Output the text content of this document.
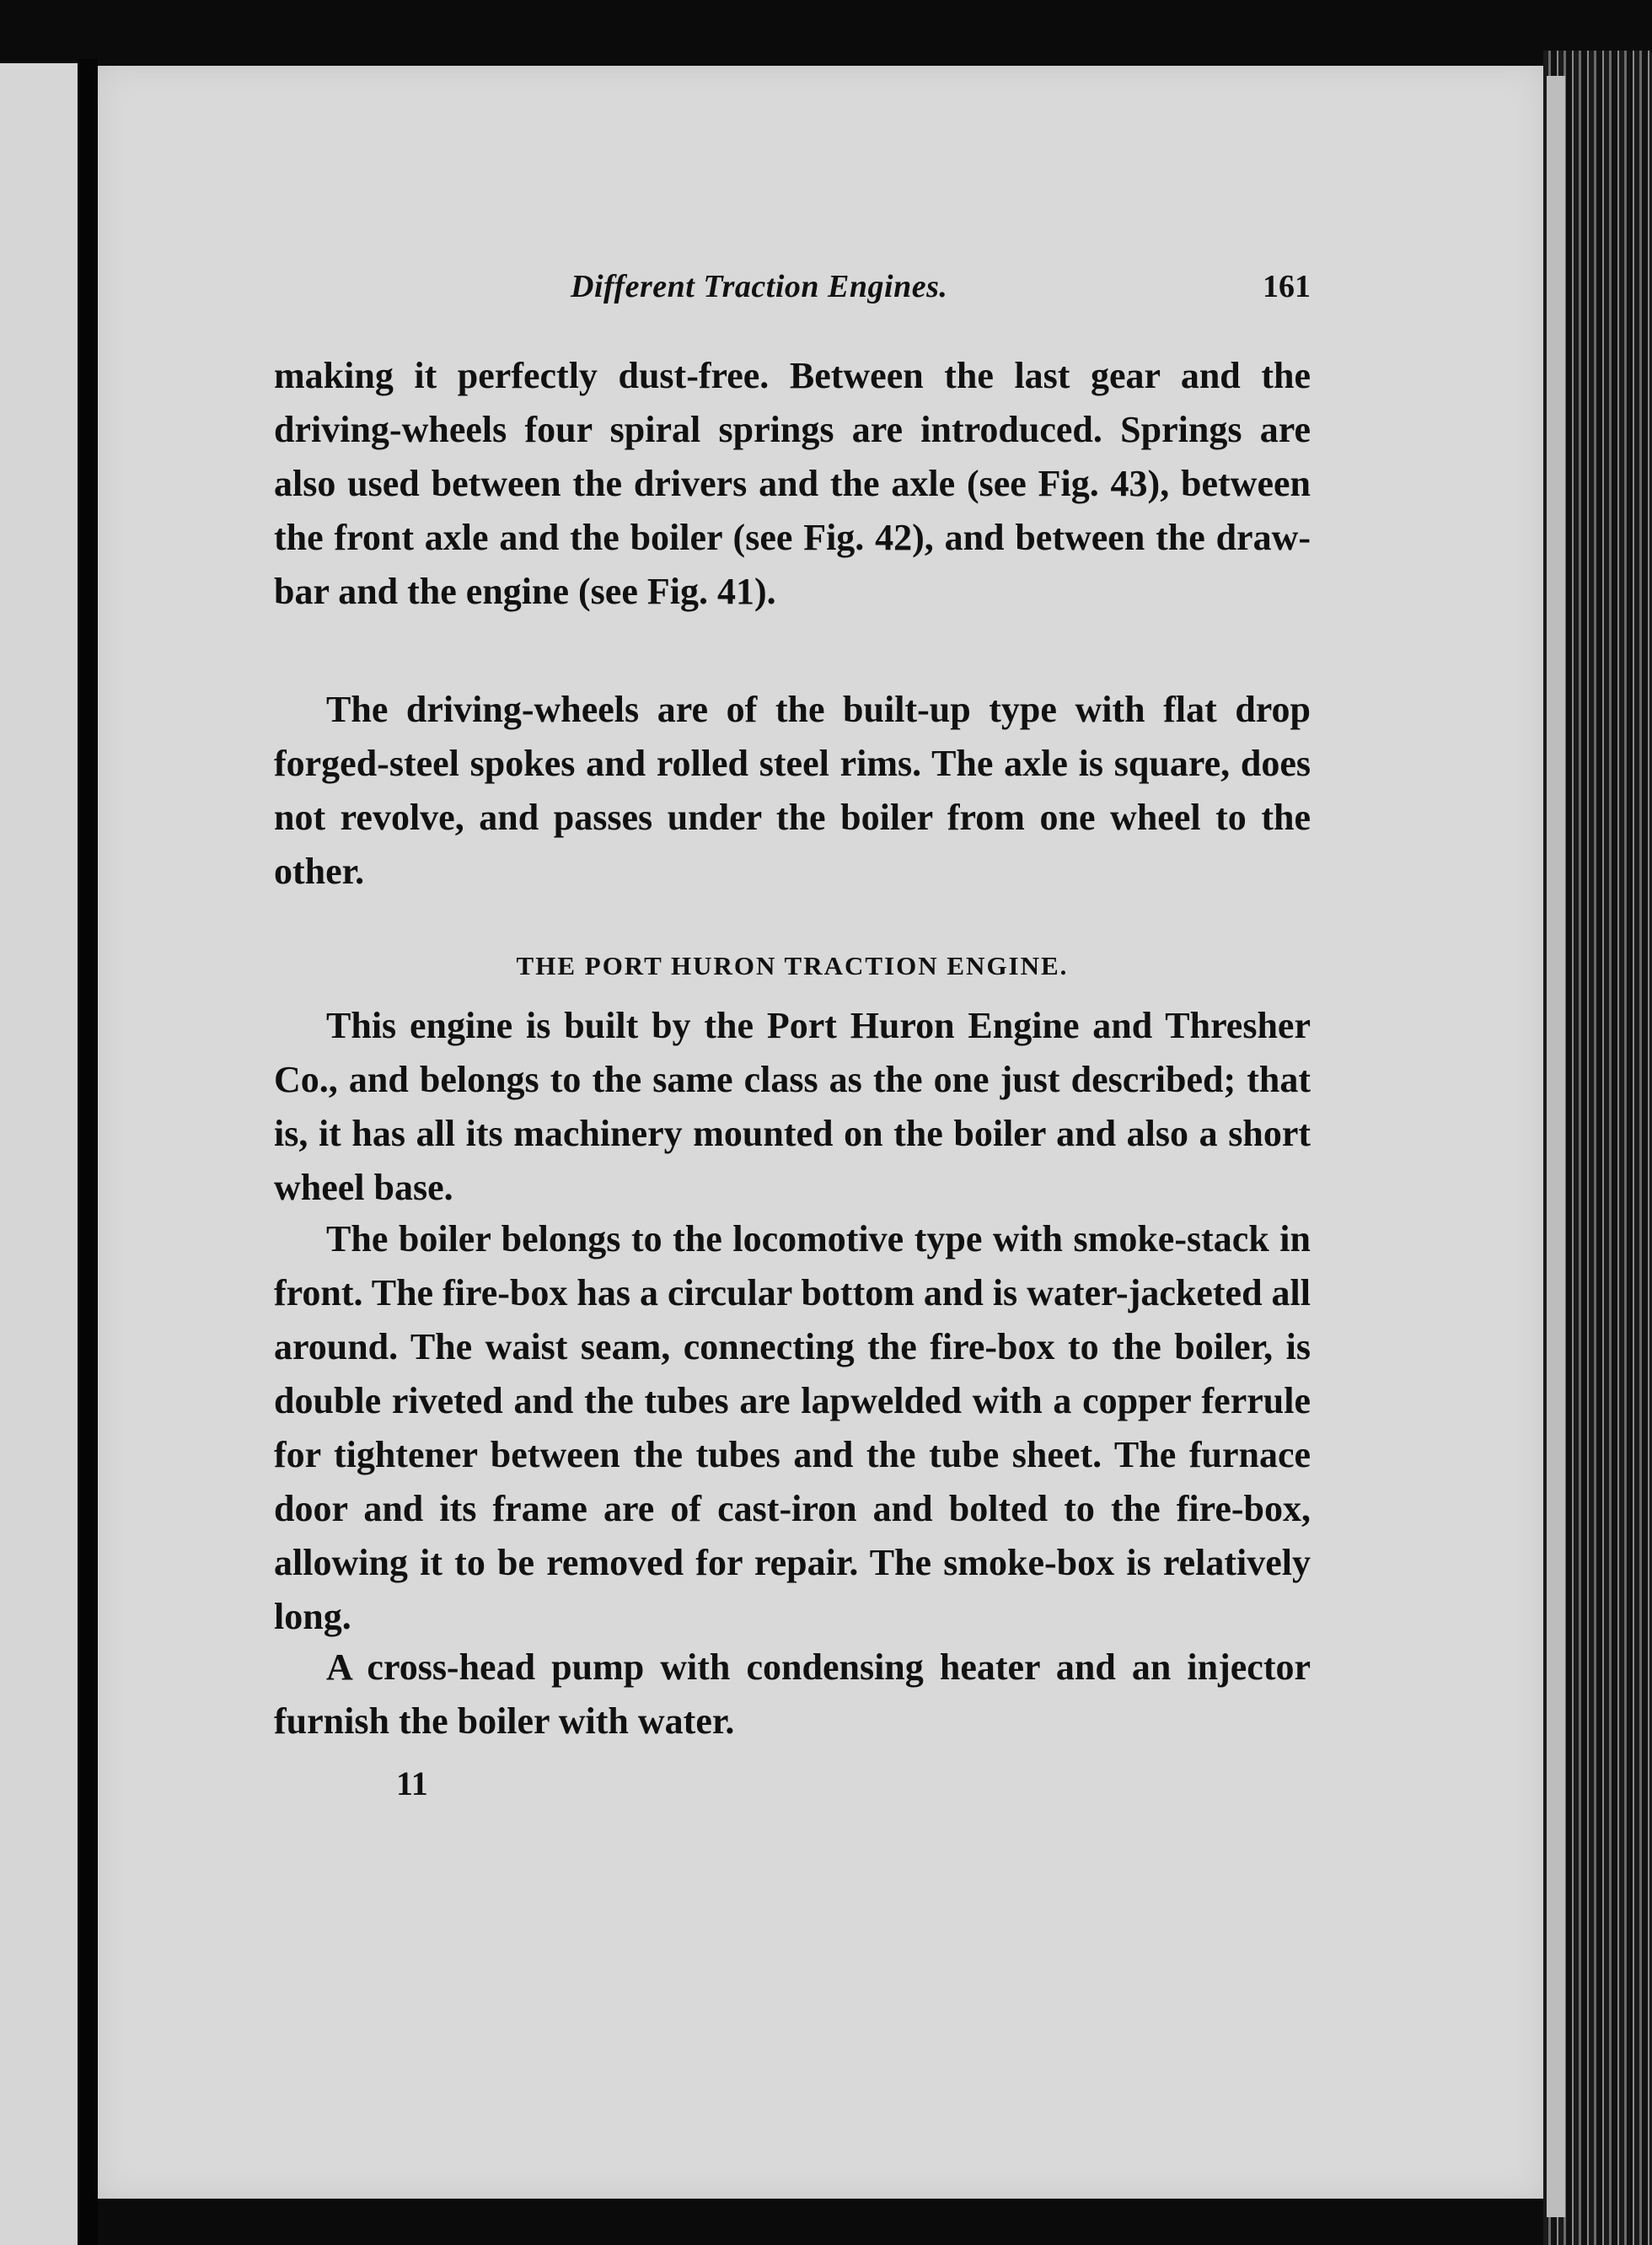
Different Traction Engines.	161

making it perfectly dust-free. Between the last gear and the driving-wheels four spiral springs are introduced. Springs are also used between the drivers and the axle (see Fig. 43), between the front axle and the boiler (see Fig. 42), and between the draw-bar and the engine (see Fig. 41).

The driving-wheels are of the built-up type with flat drop forged-steel spokes and rolled steel rims. The axle is square, does not revolve, and passes under the boiler from one wheel to the other.

THE PORT HURON TRACTION ENGINE.

This engine is built by the Port Huron Engine and Thresher Co., and belongs to the same class as the one just described; that is, it has all its machinery mounted on the boiler and also a short wheel base.

The boiler belongs to the locomotive type with smoke-stack in front. The fire-box has a circular bottom and is water-jacketed all around. The waist seam, connecting the fire-box to the boiler, is double riveted and the tubes are lapwelded with a copper ferrule for tightener between the tubes and the tube sheet. The furnace door and its frame are of cast-iron and bolted to the fire-box, allowing it to be removed for repair. The smoke-box is relatively long.

A cross-head pump with condensing heater and an injector furnish the boiler with water.

11
